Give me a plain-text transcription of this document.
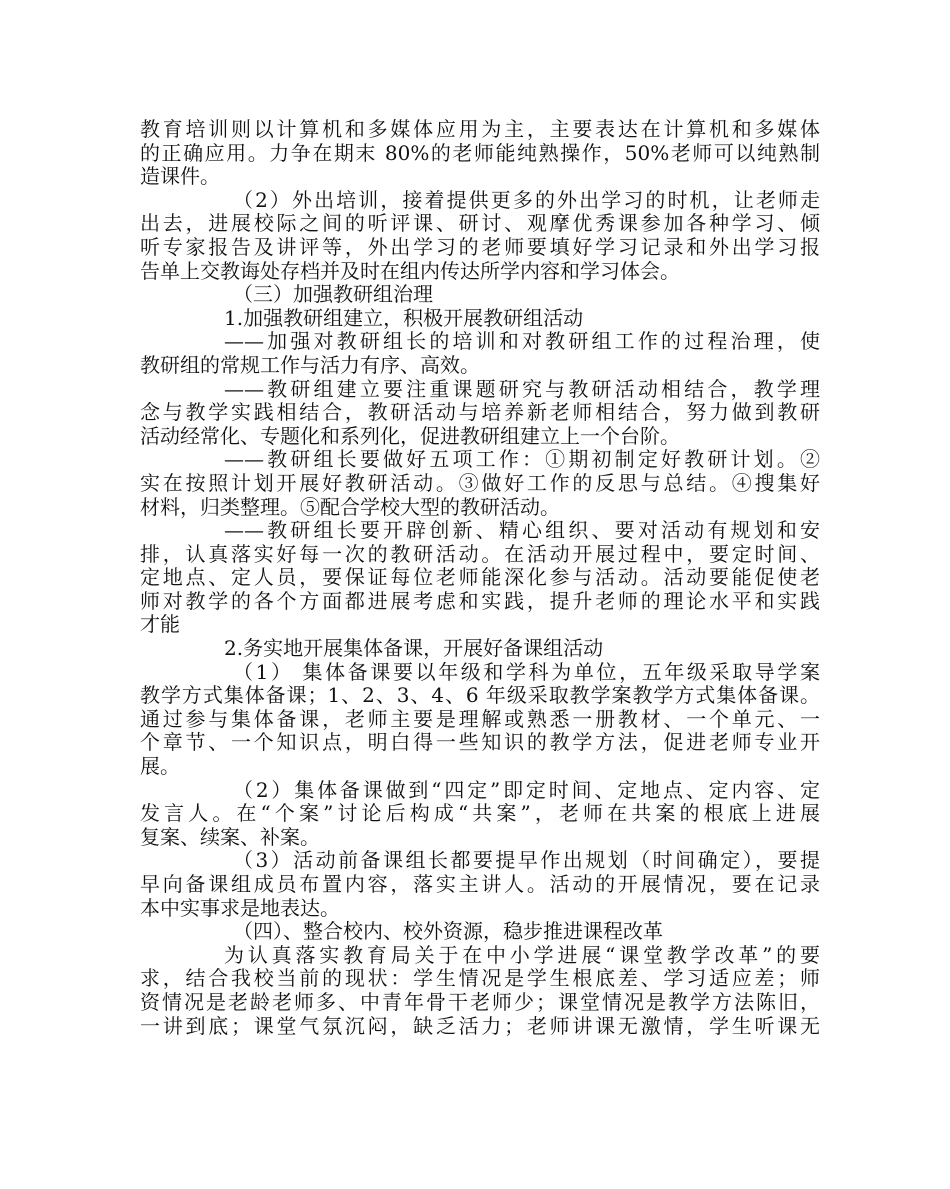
教育培训则以计算机和多媒体应用为主，主要表达在计算机和多媒体
的正确应用。力争在期末 80%的老师能纯熟操作，50%老师可以纯熟制
造课件。
（2）外出培训，接着提供更多的外出学习的时机，让老师走
出去，进展校际之间的听评课、研讨、观摩优秀课参加各种学习、倾
听专家报告及讲评等，外出学习的老师要填好学习记录和外出学习报
告单上交教诲处存档并及时在组内传达所学内容和学习体会。
（三）加强教研组治理
1.加强教研组建立，积极开展教研组活动
——加强对教研组长的培训和对教研组工作的过程治理，使
教研组的常规工作与活力有序、高效。
——教研组建立要注重课题研究与教研活动相结合，教学理
念与教学实践相结合，教研活动与培养新老师相结合，努力做到教研
活动经常化、专题化和系列化，促进教研组建立上一个台阶。
——教研组长要做好五项工作：①期初制定好教研计划。②
实在按照计划开展好教研活动。③做好工作的反思与总结。④搜集好
材料，归类整理。⑤配合学校大型的教研活动。
——教研组长要开辟创新、精心组织、要对活动有规划和安
排，认真落实好每一次的教研活动。在活动开展过程中，要定时间、
定地点、定人员，要保证每位老师能深化参与活动。活动要能促使老
师对教学的各个方面都进展考虑和实践，提升老师的理论水平和实践
才能
2.务实地开展集体备课，开展好备课组活动
（1） 集体备课要以年级和学科为单位，五年级采取导学案
教学方式集体备课；1、2、3、4、6 年级采取教学案教学方式集体备课。
通过参与集体备课，老师主要是理解或熟悉一册教材、一个单元、一
个章节、一个知识点，明白得一些知识的教学方法，促进老师专业开
展。
（2）集体备课做到“四定”即定时间、定地点、定内容、定
发言人。在“个案”讨论后构成“共案”，老师在共案的根底上进展
复案、续案、补案。
（3）活动前备课组长都要提早作出规划（时间确定），要提
早向备课组成员布置内容，落实主讲人。活动的开展情况，要在记录
本中实事求是地表达。
（四）、整合校内、校外资源，稳步推进课程改革
为认真落实教育局关于在中小学进展“课堂教学改革”的要
求，结合我校当前的现状：学生情况是学生根底差、学习适应差；师
资情况是老龄老师多、中青年骨干老师少；课堂情况是教学方法陈旧，
一讲到底；课堂气氛沉闷，缺乏活力；老师讲课无激情，学生听课无
